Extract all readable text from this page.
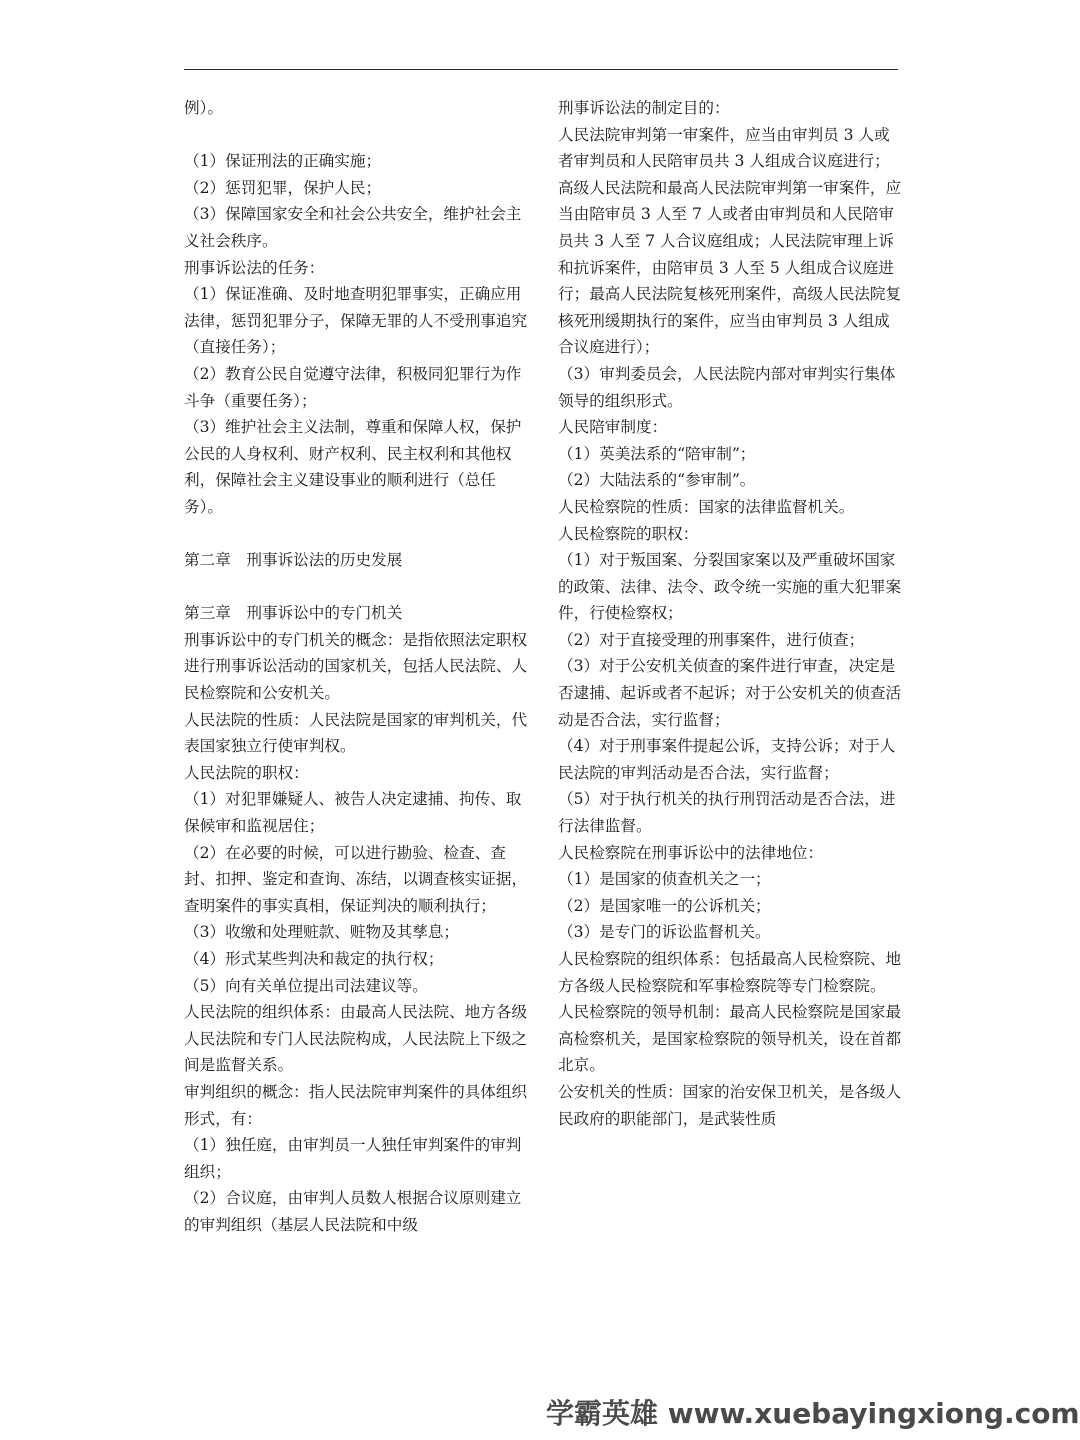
例）。

（1）保证刑法的正确实施；

（2）惩罚犯罪，保护人民；

（3）保障国家安全和社会公共安全，维护社会主义社会秩序。

刑事诉讼法的任务：

（1）保证准确、及时地查明犯罪事实，正确应用法律，惩罚犯罪分子，保障无罪的人不受刑事追究（直接任务）；

（2）教育公民自觉遵守法律，积极同犯罪行为作斗争（重要任务）；

（3）维护社会主义法制，尊重和保障人权，保护公民的人身权利、财产权利、民主权利和其他权利，保障社会主义建设事业的顺利进行（总任务）。

第二章　刑事诉讼法的历史发展

第三章　刑事诉讼中的专门机关

刑事诉讼中的专门机关的概念：是指依照法定职权进行刑事诉讼活动的国家机关，包括人民法院、人民检察院和公安机关。

人民法院的性质：人民法院是国家的审判机关，代表国家独立行使审判权。

人民法院的职权：

（1）对犯罪嫌疑人、被告人决定逮捕、拘传、取保候审和监视居住；

（2）在必要的时候，可以进行勘验、检查、查封、扣押、鉴定和查询、冻结，以调查核实证据，查明案件的事实真相，保证判决的顺利执行；

（3）收缴和处理赃款、赃物及其孳息；

（4）形式某些判决和裁定的执行权；

（5）向有关单位提出司法建议等。

人民法院的组织体系：由最高人民法院、地方各级人民法院和专门人民法院构成，人民法院上下级之间是监督关系。

审判组织的概念：指人民法院审判案件的具体组织形式，有：

（1）独任庭，由审判员一人独任审判案件的审判组织；

（2）合议庭，由审判人员数人根据合议原则建立的审判组织（基层人民法院和中级

刑事诉讼法的制定目的：

人民法院审判第一审案件，应当由审判员 3 人或者审判员和人民陪审员共 3 人组成合议庭进行；高级人民法院和最高人民法院审判第一审案件，应当由陪审员 3 人至 7 人或者由审判员和人民陪审员共 3 人至 7 人合议庭组成；人民法院审理上诉和抗诉案件，由陪审员 3 人至 5 人组成合议庭进行；最高人民法院复核死刑案件，高级人民法院复核死刑缓期执行的案件，应当由审判员 3 人组成合议庭进行）；

（3）审判委员会，人民法院内部对审判实行集体领导的组织形式。

人民陪审制度：

（1）英美法系的“陪审制”；

（2）大陆法系的“参审制”。

人民检察院的性质：国家的法律监督机关。

人民检察院的职权：

（1）对于叛国案、分裂国家案以及严重破坏国家的政策、法律、法令、政令统一实施的重大犯罪案件，行使检察权；

（2）对于直接受理的刑事案件，进行侦查；

（3）对于公安机关侦查的案件进行审查，决定是否逮捕、起诉或者不起诉；对于公安机关的侦查活动是否合法，实行监督；

（4）对于刑事案件提起公诉，支持公诉；对于人民法院的审判活动是否合法，实行监督；

（5）对于执行机关的执行刑罚活动是否合法，进行法律监督。

人民检察院在刑事诉讼中的法律地位：

（1）是国家的侦查机关之一；

（2）是国家唯一的公诉机关；

（3）是专门的诉讼监督机关。

人民检察院的组织体系：包括最高人民检察院、地方各级人民检察院和军事检察院等专门检察院。

人民检察院的领导机制：最高人民检察院是国家最高检察机关，是国家检察院的领导机关，设在首都北京。

公安机关的性质：国家的治安保卫机关，是各级人民政府的职能部门，是武装性质

学霸英雄 www.xuebayingxiong.com
